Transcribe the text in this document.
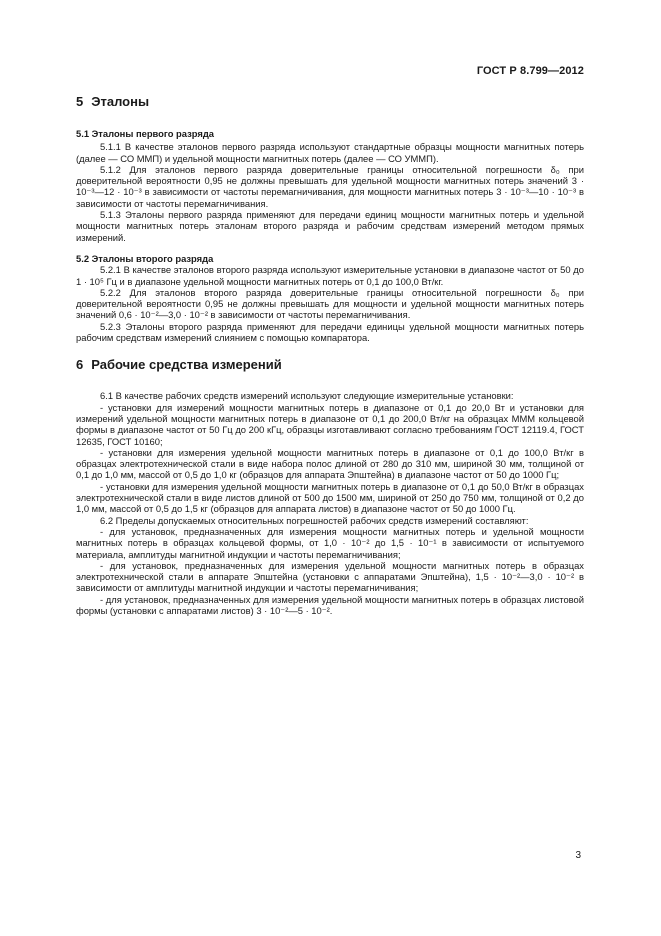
ГОСТ Р 8.799—2012
5 Эталоны

5.1 Эталоны первого разряда

5.1.1 В качестве эталонов первого разряда используют стандартные образцы мощности магнитных потерь (далее — СО ММП) и удельной мощности магнитных потерь (далее — СО УММП).

5.1.2 Для эталонов первого разряда доверительные границы относительной погрешности δ₀ при доверительной вероятности 0,95 не должны превышать для удельной мощности магнитных потерь значений 3 · 10⁻³—12 · 10⁻³ в зависимости от частоты перемагничивания, для мощности магнитных потерь 3 · 10⁻³—10 · 10⁻³ в зависимости от частоты перемагничивания.

5.1.3 Эталоны первого разряда применяют для передачи единиц мощности магнитных потерь и удельной мощности магнитных потерь эталонам второго разряда и рабочим средствам измерений методом прямых измерений.

5.2 Эталоны второго разряда

5.2.1 В качестве эталонов второго разряда используют измерительные установки в диапазоне частот от 50 до 1 · 10⁵ Гц и в диапазоне удельной мощности магнитных потерь от 0,1 до 100,0 Вт/кг.

5.2.2 Для эталонов второго разряда доверительные границы относительной погрешности δ₀ при доверительной вероятности 0,95 не должны превышать для мощности и удельной мощности магнитных потерь значений 0,6 · 10⁻²—3,0 · 10⁻² в зависимости от частоты перемагничивания.

5.2.3 Эталоны второго разряда применяют для передачи единицы удельной мощности магнитных потерь рабочим средствам измерений слиянием с помощью компаратора.

6 Рабочие средства измерений

6.1 В качестве рабочих средств измерений используют следующие измерительные установки:

- установки для измерений мощности магнитных потерь в диапазоне от 0,1 до 20,0 Вт и установки для измерений удельной мощности магнитных потерь в диапазоне от 0,1 до 200,0 Вт/кг на образцах МММ кольцевой формы в диапазоне частот от 50 Гц до 200 кГц, образцы изготавливают согласно требованиям ГОСТ 12119.4, ГОСТ 12635, ГОСТ 10160;

- установки для измерения удельной мощности магнитных потерь в диапазоне от 0,1 до 100,0 Вт/кг в образцах электротехнической стали в виде набора полос длиной от 280 до 310 мм, шириной 30 мм, толщиной от 0,1 до 1,0 мм, массой от 0,5 до 1,0 кг (образцов для аппарата Эпштейна) в диапазоне частот от 50 до 1000 Гц;

- установки для измерения удельной мощности магнитных потерь в диапазоне от 0,1 до 50,0 Вт/кг в образцах электротехнической стали в виде листов длиной от 500 до 1500 мм, шириной от 250 до 750 мм, толщиной от 0,2 до 1,0 мм, массой от 0,5 до 1,5 кг (образцов для аппарата листов) в диапазоне частот от 50 до 1000 Гц.

6.2 Пределы допускаемых относительных погрешностей рабочих средств измерений составляют:

- для установок, предназначенных для измерения мощности магнитных потерь и удельной мощности магнитных потерь в образцах кольцевой формы, от 1,0 · 10⁻² до 1,5 · 10⁻¹ в зависимости от испытуемого материала, амплитуды магнитной индукции и частоты перемагничивания;

- для установок, предназначенных для измерения удельной мощности магнитных потерь в образцах электротехнической стали в аппарате Эпштейна (установки с аппаратами Эпштейна), 1,5 · 10⁻²—3,0 · 10⁻² в зависимости от амплитуды магнитной индукции и частоты перемагничивания;

- для установок, предназначенных для измерения удельной мощности магнитных потерь в образцах листовой формы (установки с аппаратами листов) 3 · 10⁻²—5 · 10⁻².

3
